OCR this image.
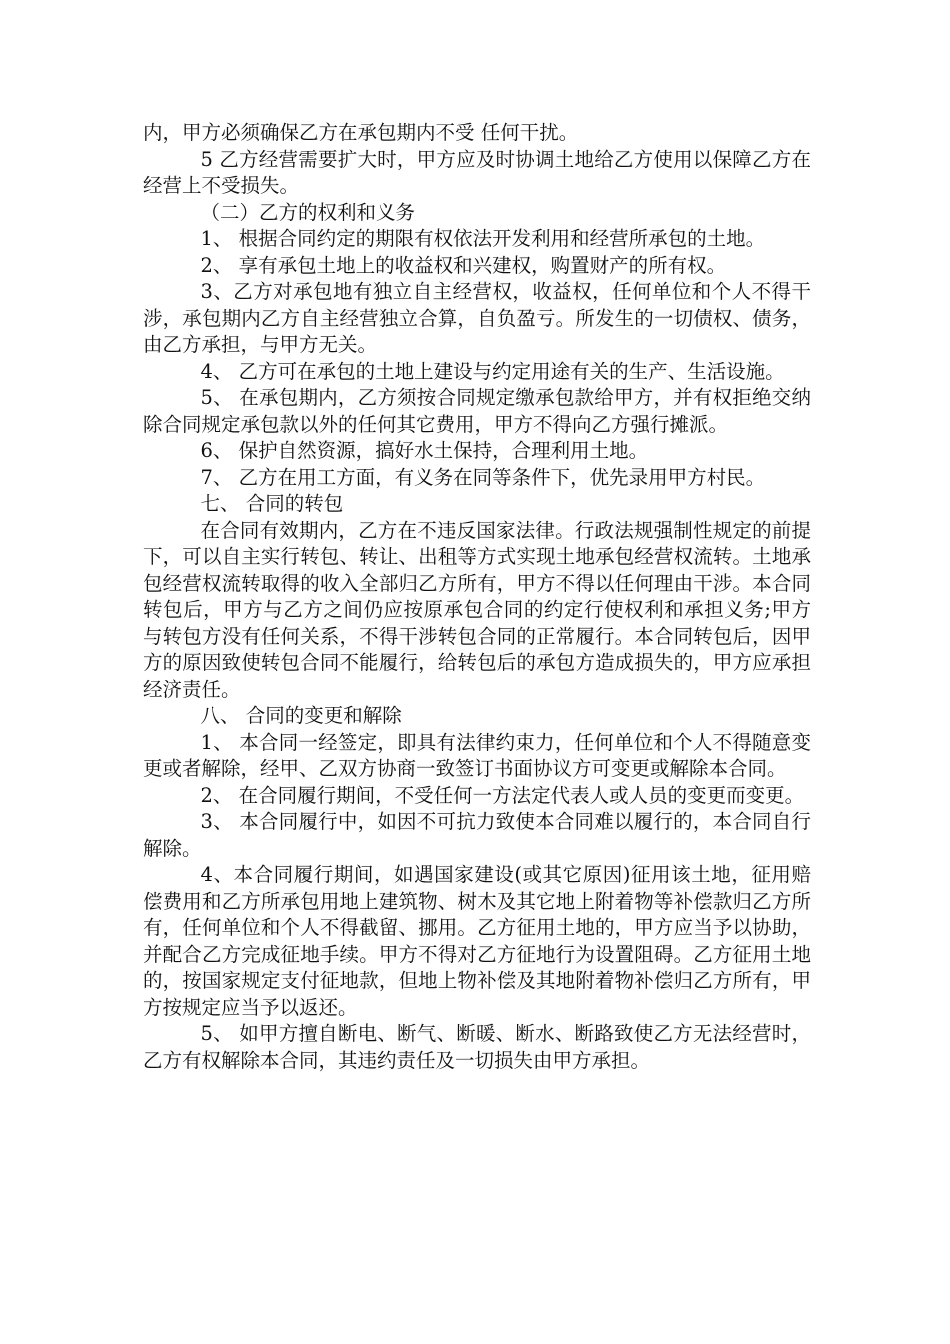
内，甲方必须确保乙方在承包期内不受 任何干扰。

5 乙方经营需要扩大时，甲方应及时协调土地给乙方使用以保障乙方在经营上不受损失。

（二）乙方的权利和义务

1、 根据合同约定的期限有权依法开发利用和经营所承包的土地。

2、 享有承包土地上的收益权和兴建权，购置财产的所有权。

3、乙方对承包地有独立自主经营权，收益权，任何单位和个人不得干涉，承包期内乙方自主经营独立合算，自负盈亏。所发生的一切债权、债务，由乙方承担，与甲方无关。

4、 乙方可在承包的土地上建设与约定用途有关的生产、生活设施。

5、 在承包期内，乙方须按合同规定缴承包款给甲方，并有权拒绝交纳除合同规定承包款以外的任何其它费用，甲方不得向乙方强行摊派。

6、 保护自然资源，搞好水土保持，合理利用土地。

7、 乙方在用工方面，有义务在同等条件下，优先录用甲方村民。

七、 合同的转包

在合同有效期内，乙方在不违反国家法律。行政法规强制性规定的前提下，可以自主实行转包、转让、出租等方式实现土地承包经营权流转。土地承包经营权流转取得的收入全部归乙方所有，甲方不得以任何理由干涉。本合同转包后，甲方与乙方之间仍应按原承包合同的约定行使权利和承担义务;甲方与转包方没有任何关系，不得干涉转包合同的正常履行。本合同转包后，因甲方的原因致使转包合同不能履行，给转包后的承包方造成损失的，甲方应承担经济责任。

八、 合同的变更和解除

1、 本合同一经签定，即具有法律约束力，任何单位和个人不得随意变更或者解除，经甲、乙双方协商一致签订书面协议方可变更或解除本合同。

2、 在合同履行期间，不受任何一方法定代表人或人员的变更而变更。

3、 本合同履行中，如因不可抗力致使本合同难以履行的，本合同自行解除。

4、本合同履行期间，如遇国家建设(或其它原因)征用该土地，征用赔偿费用和乙方所承包用地上建筑物、树木及其它地上附着物等补偿款归乙方所有，任何单位和个人不得截留、挪用。乙方征用土地的，甲方应当予以协助，并配合乙方完成征地手续。甲方不得对乙方征地行为设置阻碍。乙方征用土地的，按国家规定支付征地款，但地上物补偿及其地附着物补偿归乙方所有，甲方按规定应当予以返还。

5、 如甲方擅自断电、断气、断暖、断水、断路致使乙方无法经营时，乙方有权解除本合同，其违约责任及一切损失由甲方承担。
